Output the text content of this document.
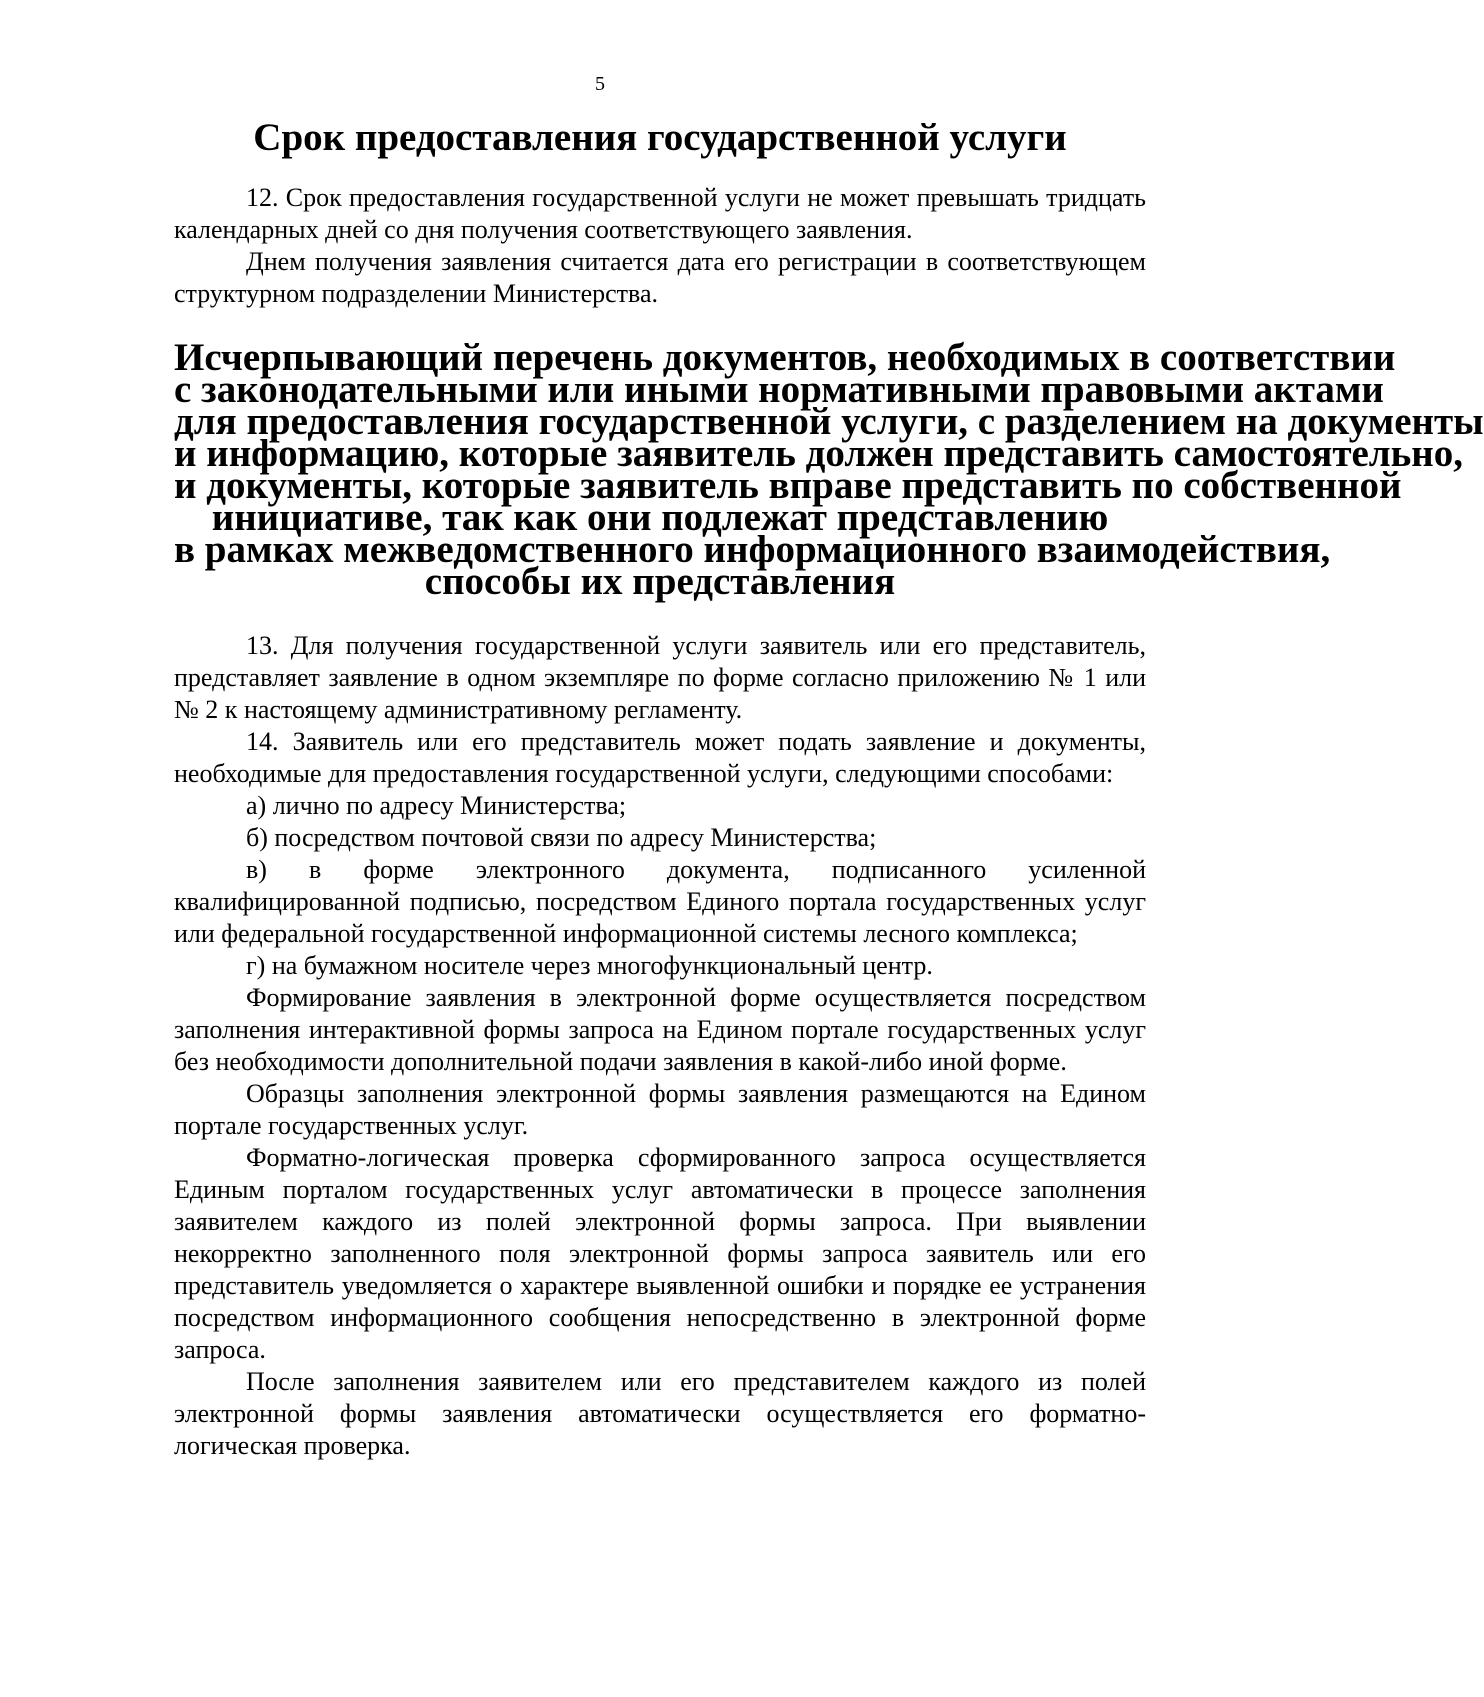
5
Срок предоставления государственной услуги

12. Срок предоставления государственной услуги не может превышать тридцать календарных дней со дня получения соответствующего заявления.

Днем получения заявления считается дата его регистрации в соответствующем структурном подразделении Министерства.

Исчерпывающий перечень документов, необходимых в соответствии
с законодательными или иными нормативными правовыми актами
для предоставления государственной услуги, с разделением на документы
и информацию, которые заявитель должен представить самостоятельно,
и документы, которые заявитель вправе представить по собственной
инициативе, так как они подлежат представлению
в рамках межведомственного информационного взаимодействия,
способы их представления

13. Для получения государственной услуги заявитель или его представитель, представляет заявление в одном экземпляре по форме согласно приложению № 1 или № 2 к настоящему административному регламенту.

14. Заявитель или его представитель может подать заявление и документы, необходимые для предоставления государственной услуги, следующими способами:

а) лично по адресу Министерства;

б) посредством почтовой связи по адресу Министерства;

в) в форме электронного документа, подписанного усиленной квалифицированной подписью, посредством Единого портала государственных услуг или федеральной государственной информационной системы лесного комплекса;

г) на бумажном носителе через многофункциональный центр.

Формирование заявления в электронной форме осуществляется посредством заполнения интерактивной формы запроса на Едином портале государственных услуг без необходимости дополнительной подачи заявления в какой-либо иной форме.

Образцы заполнения электронной формы заявления размещаются на Едином портале государственных услуг.

Форматно-логическая проверка сформированного запроса осуществляется Единым порталом государственных услуг автоматически в процессе заполнения заявителем каждого из полей электронной формы запроса. При выявлении некорректно заполненного поля электронной формы запроса заявитель или его представитель уведомляется о характере выявленной ошибки и порядке ее устранения посредством информационного сообщения непосредственно в электронной форме запроса.

После заполнения заявителем или его представителем каждого из полей электронной формы заявления автоматически осуществляется его форматно-логическая проверка.
